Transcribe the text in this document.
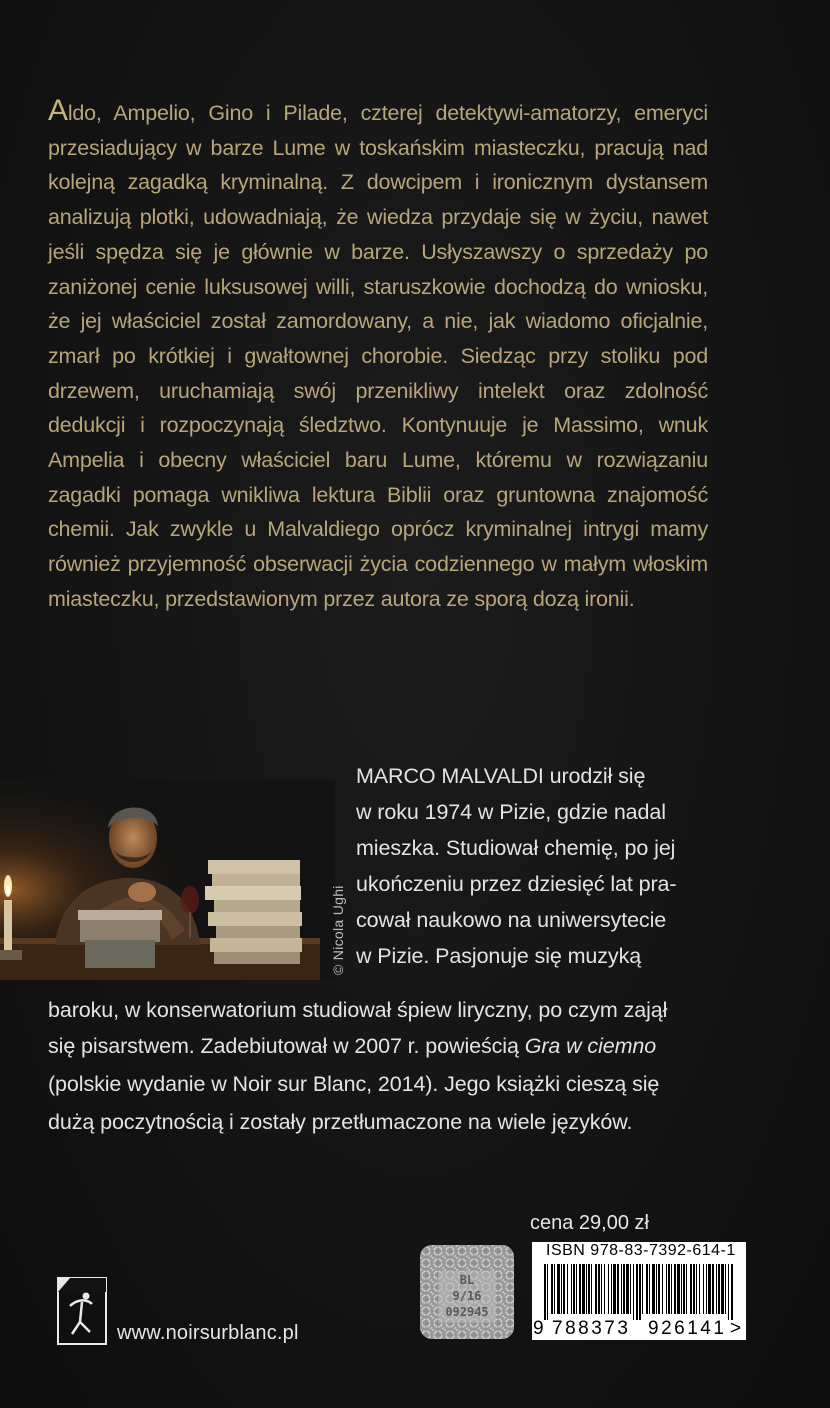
Aldo, Ampelio, Gino i Pilade, czterej detektywi-amatorzy, emeryci przesiadujący w barze Lume w toskańskim miasteczku, pracują nad kolejną zagadką kryminalną. Z dowcipem i ironicznym dystansem analizują plotki, udowadniają, że wiedza przydaje się w życiu, nawet jeśli spędza się je głównie w barze. Usłyszawszy o sprzedaży po zaniżonej cenie luksusowej willi, staruszkowie dochodzą do wniosku, że jej właściciel został zamordowany, a nie, jak wiadomo oficjalnie, zmarł po krótkiej i gwałtownej chorobie. Siedząc przy stoliku pod drzewem, uruchamiają swój przenikliwy intelekt oraz zdolność dedukcji i rozpoczynają śledztwo. Kontynuuje je Massimo, wnuk Ampelia i obecny właściciel baru Lume, któremu w rozwiązaniu zagadki pomaga wnikliwa lektura Biblii oraz gruntowna znajomość chemii. Jak zwykle u Malvaldiego oprócz kryminalnej intrygi mamy również przyjemność obserwacji życia codziennego w małym włoskim miasteczku, przedstawionym przez autora ze sporą dozą ironii.

© Nicola Ughi
MARCO MALVALDI urodził się
w roku 1974 w Pizie, gdzie nadal
mieszka. Studiował chemię, po jej
ukończeniu przez dziesięć lat pra-
cował naukowo na uniwersytecie
w Pizie. Pasjonuje się muzyką
baroku, w konserwatorium studiował śpiew liryczny, po czym zajął
się pisarstwem. Zadebiutował w 2007 r. powieścią Gra w ciemno
(polskie wydanie w Noir sur Blanc, 2014). Jego książki cieszą się
dużą poczytnością i zostały przetłumaczone na wiele języków.
cena 29,00 zł
BL
9/16
092945
ISBN 978-83-7392-614-1
9 788373 926141 >
www.noirsurblanc.pl
